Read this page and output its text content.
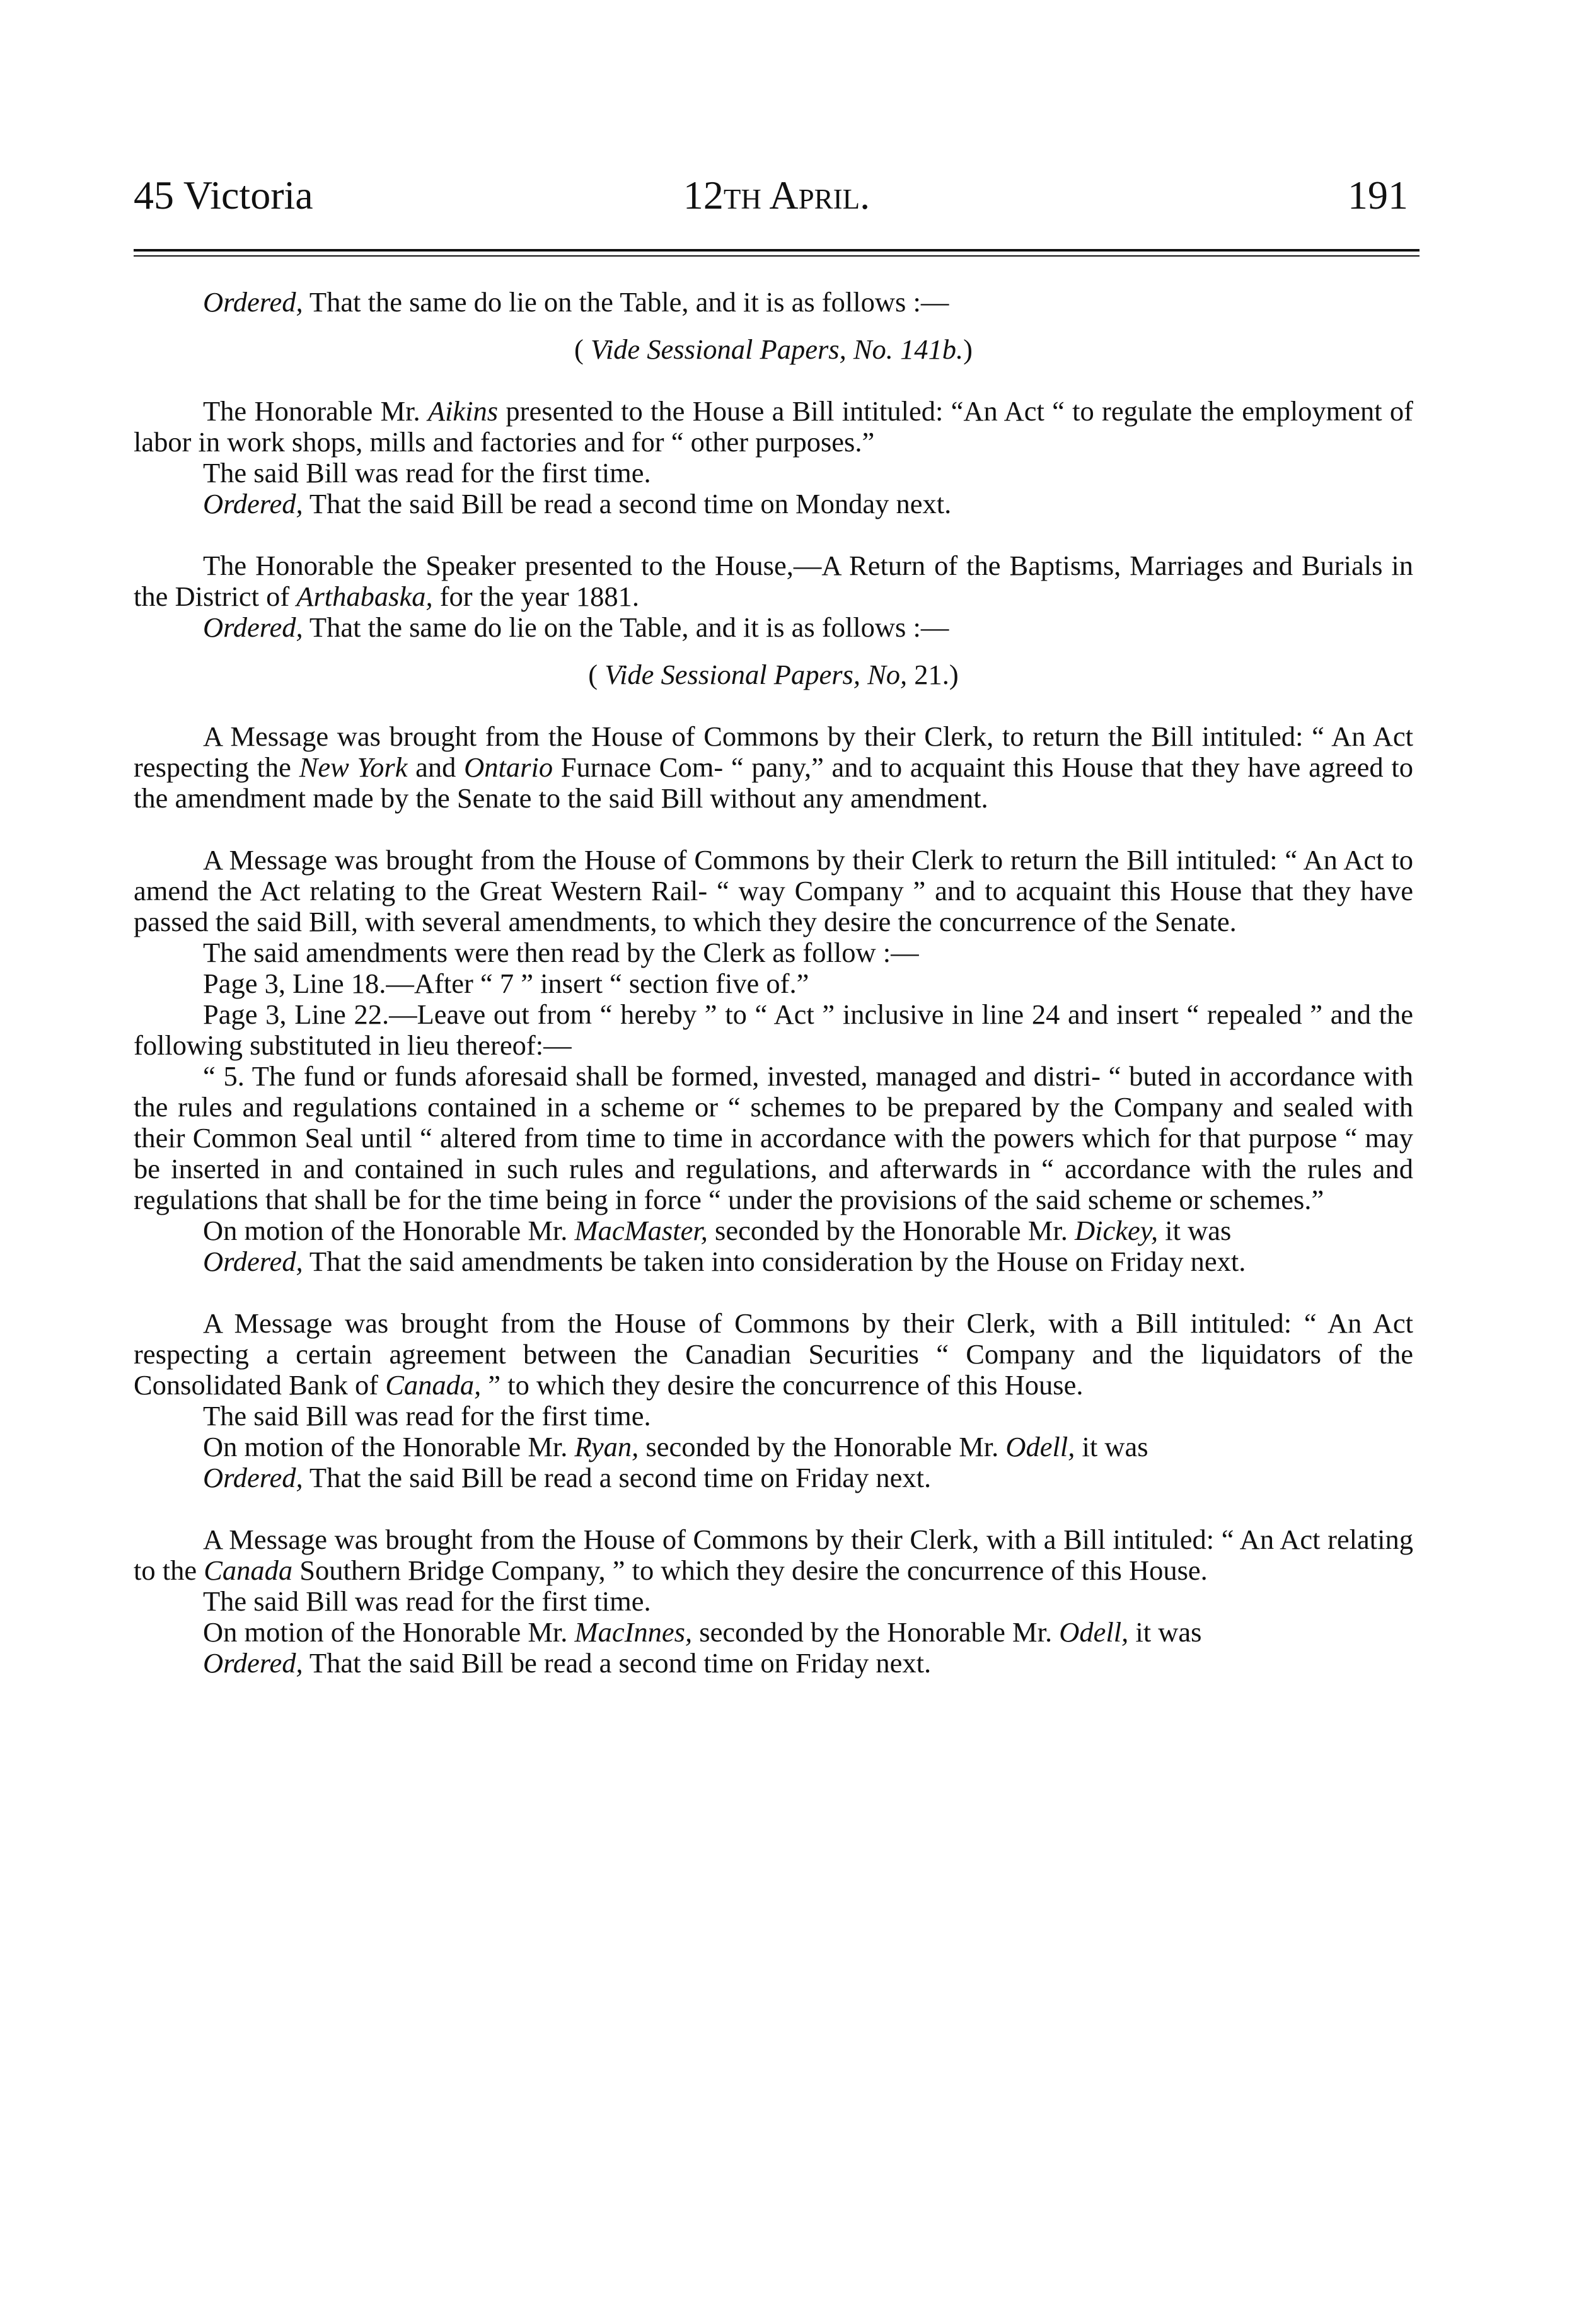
45 Victoria	12th April.	191

Ordered, That the same do lie on the Table, and it is as follows :—

( Vide Sessional Papers, No. 141b.)

The Honorable Mr. Aikins presented to the House a Bill intituled: “An Act “ to regulate the employment of labor in work shops, mills and factories and for “ other purposes.”

The said Bill was read for the first time.

Ordered, That the said Bill be read a second time on Monday next.

The Honorable the Speaker presented to the House,—A Return of the Baptisms, Marriages and Burials in the District of Arthabaska, for the year 1881.

Ordered, That the same do lie on the Table, and it is as follows :—

( Vide Sessional Papers, No, 21.)

A Message was brought from the House of Commons by their Clerk, to return the Bill intituled: “ An Act respecting the New York and Ontario Furnace Com- “ pany,” and to acquaint this House that they have agreed to the amendment made by the Senate to the said Bill without any amendment.

A Message was brought from the House of Commons by their Clerk to return the Bill intituled: “ An Act to amend the Act relating to the Great Western Rail- “ way Company ” and to acquaint this House that they have passed the said Bill, with several amendments, to which they desire the concurrence of the Senate.

The said amendments were then read by the Clerk as follow :—

Page 3, Line 18.—After “ 7 ” insert “ section five of.”

Page 3, Line 22.—Leave out from “ hereby ” to “ Act ” inclusive in line 24 and insert “ repealed ” and the following substituted in lieu thereof:—

“ 5. The fund or funds aforesaid shall be formed, invested, managed and distri- “ buted in accordance with the rules and regulations contained in a scheme or “ schemes to be prepared by the Company and sealed with their Common Seal until “ altered from time to time in accordance with the powers which for that purpose “ may be inserted in and contained in such rules and regulations, and afterwards in “ accordance with the rules and regulations that shall be for the time being in force “ under the provisions of the said scheme or schemes.”

On motion of the Honorable Mr. MacMaster, seconded by the Honorable Mr. Dickey, it was

Ordered, That the said amendments be taken into consideration by the House on Friday next.

A Message was brought from the House of Commons by their Clerk, with a Bill intituled: “ An Act respecting a certain agreement between the Canadian Securities “ Company and the liquidators of the Consolidated Bank of Canada, ” to which they desire the concurrence of this House.

The said Bill was read for the first time.

On motion of the Honorable Mr. Ryan, seconded by the Honorable Mr. Odell, it was

Ordered, That the said Bill be read a second time on Friday next.

A Message was brought from the House of Commons by their Clerk, with a Bill intituled: “ An Act relating to the Canada Southern Bridge Company, ” to which they desire the concurrence of this House.

The said Bill was read for the first time.

On motion of the Honorable Mr. MacInnes, seconded by the Honorable Mr. Odell, it was

Ordered, That the said Bill be read a second time on Friday next.
